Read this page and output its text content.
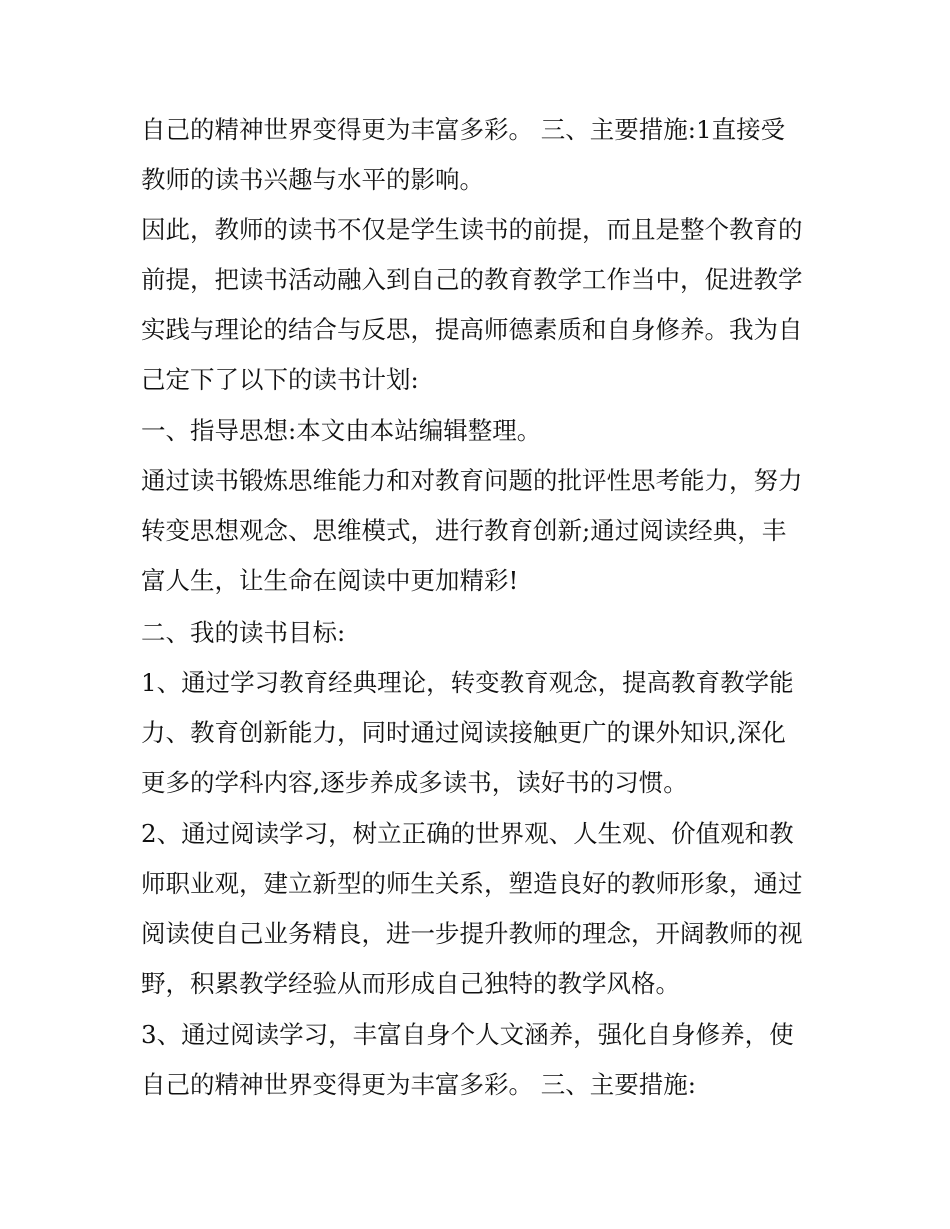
自己的精神世界变得更为丰富多彩。 三、主要措施:1直接受

教师的读书兴趣与水平的影响。

因此，教师的读书不仅是学生读书的前提，而且是整个教育的

前提，把读书活动融入到自己的教育教学工作当中，促进教学

实践与理论的结合与反思，提高师德素质和自身修养。我为自

己定下了以下的读书计划:

一、指导思想:本文由本站编辑整理。

通过读书锻炼思维能力和对教育问题的批评性思考能力，努力

转变思想观念、思维模式，进行教育创新;通过阅读经典，丰

富人生，让生命在阅读中更加精彩!

二、我的读书目标:

1、通过学习教育经典理论，转变教育观念，提高教育教学能

力、教育创新能力，同时通过阅读接触更广的课外知识,深化

更多的学科内容,逐步养成多读书，读好书的习惯。

2、通过阅读学习，树立正确的世界观、人生观、价值观和教

师职业观，建立新型的师生关系，塑造良好的教师形象，通过

阅读使自己业务精良，进一步提升教师的理念，开阔教师的视

野，积累教学经验从而形成自己独特的教学风格。

3、通过阅读学习，丰富自身个人文涵养，强化自身修养，使

自己的精神世界变得更为丰富多彩。 三、主要措施:
